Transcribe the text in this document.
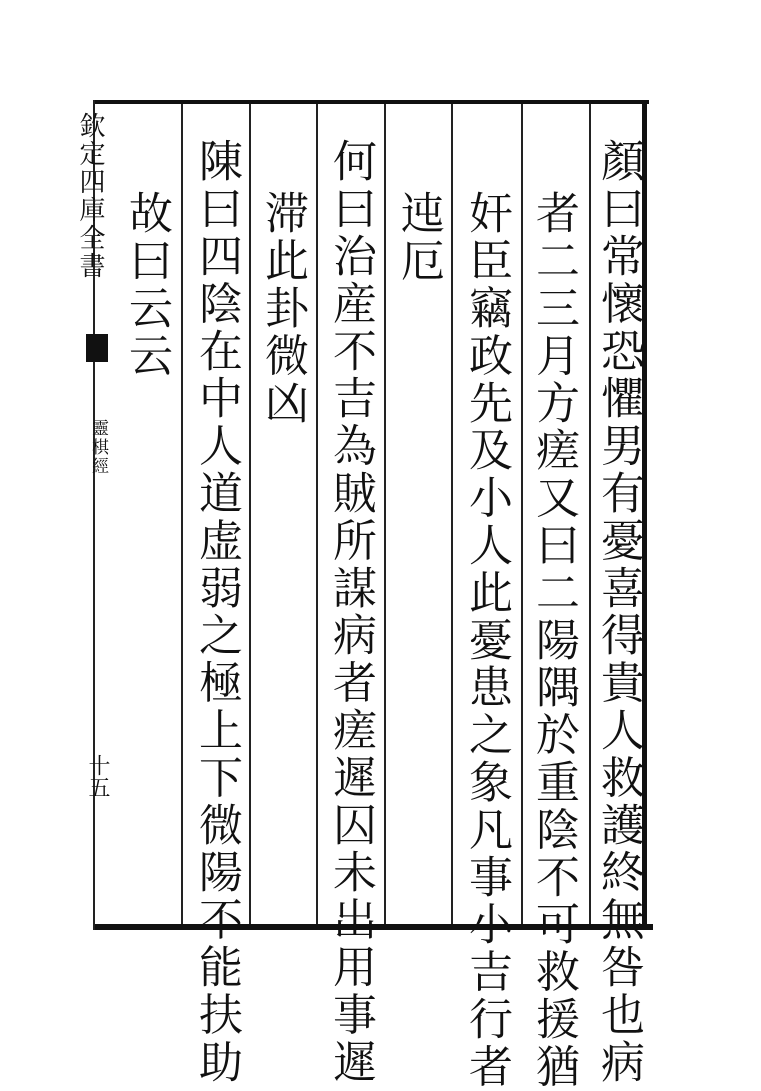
欽定四庫全書
靈棋經
十五	顏曰常懷恐懼男有憂喜得貴人救護終無咎也病
者二三月方瘥又曰二陽隅於重陰不可救援猶
奸臣竊政先及小人此憂患之象凡事小吉行者
迍厄
何曰治産不吉為賊所謀病者瘥遲囚未出用事遲
滞此卦微凶
陳曰四陰在中人道虚弱之極上下微陽不能扶助
故曰云云
